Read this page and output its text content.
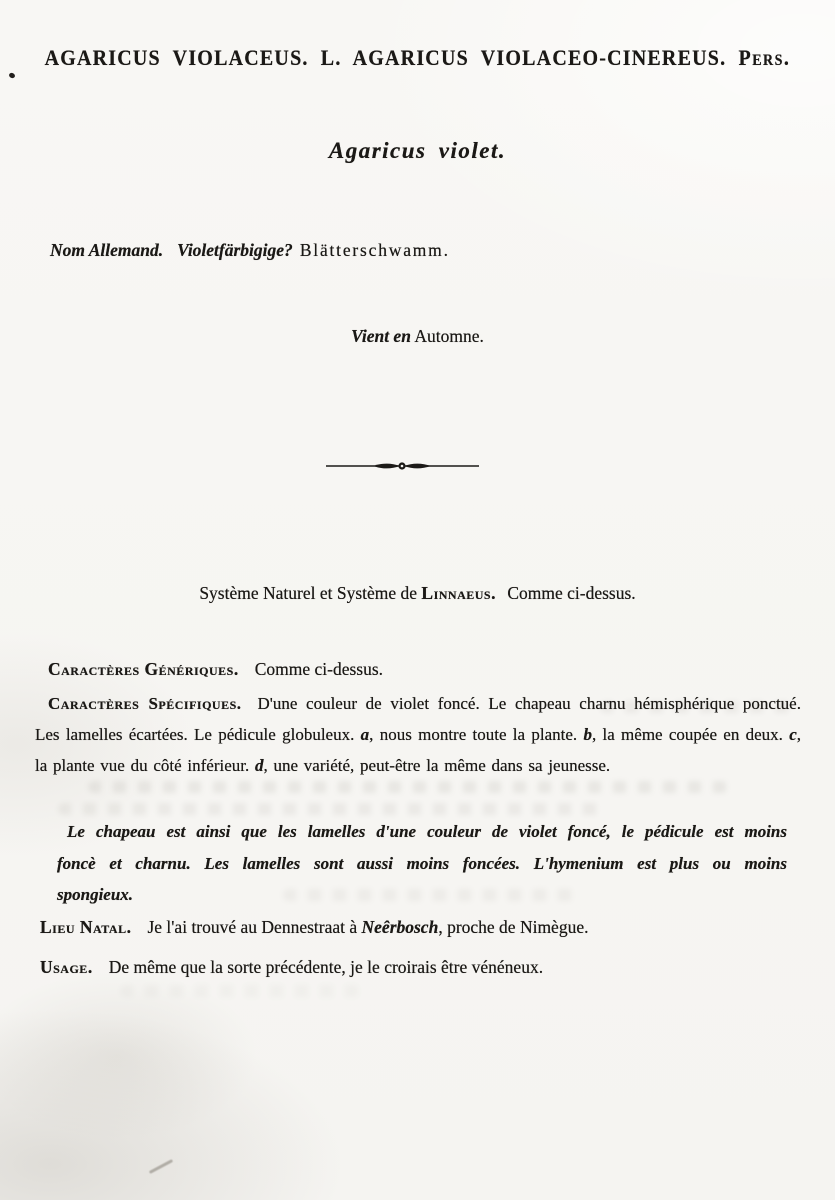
AGARICUS VIOLACEUS. L. AGARICUS VIOLACEO-CINEREUS. Pers.
Agaricus violet.

Nom Allemand. Violetfärbigige? Blätterschwamm.

Vient en Automne.

Système Naturel et Système de Linnaeus. Comme ci-dessus.

Caractères Génériques. Comme ci-dessus.

Caractères Spécifiques. D'une couleur de violet foncé. Le chapeau charnu hémisphérique ponctué. Les lamelles écartées. Le pédicule globuleux. a, nous montre toute la plante. b, la même coupée en deux. c, la plante vue du côté inférieur. d, une variété, peut-être la même dans sa jeunesse.

Le chapeau est ainsi que les lamelles d'une couleur de violet foncé, le pédicule est moins foncè et charnu. Les lamelles sont aussi moins foncées. L'hymenium est plus ou moins spongieux.

Lieu Natal. Je l'ai trouvé au Dennestraat à Neêrbosch, proche de Nimègue.

Usage. De même que la sorte précédente, je le croirais être vénéneux.
